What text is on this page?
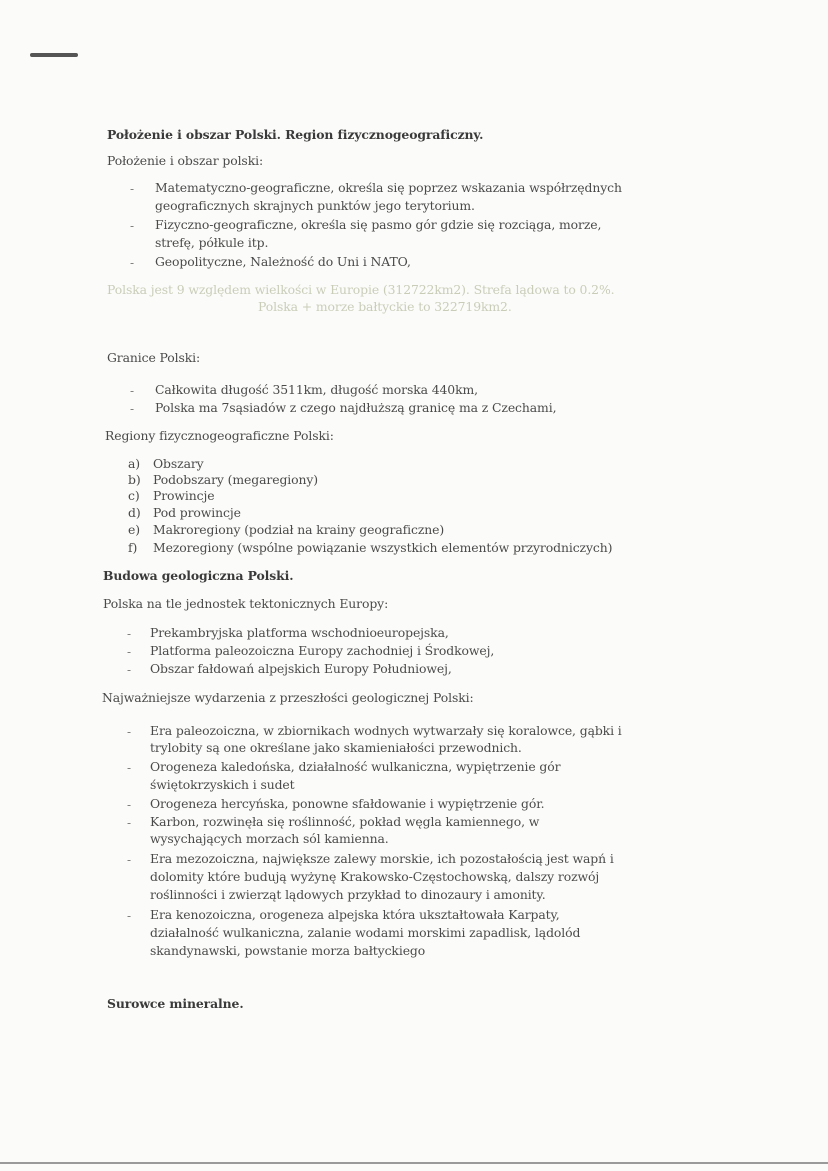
Położenie i obszar Polski. Region fizycznogeograficzny.
Położenie i obszar polski:
- Matematyczno-geograficzne, określa się poprzez wskazania współrzędnych
geograficznych skrajnych punktów jego terytorium.
- Fizyczno-geograficzne, określa się pasmo gór gdzie się rozciąga, morze,
strefę, półkule itp.
- Geopolityczne, Należność do Uni i NATO,
Polska jest 9 względem wielkości w Europie (312722km2). Strefa lądowa to 0.2%.
Polska + morze bałtyckie to 322719km2.
Granice Polski:
- Całkowita długość 3511km, długość morska 440km,
- Polska ma 7sąsiadów z czego najdłuższą granicę ma z Czechami,
Regiony fizycznogeograficzne Polski:
a) Obszary
b) Podobszary (megaregiony)
c) Prowincje
d) Pod prowincje
e) Makroregiony (podział na krainy geograficzne)
f) Mezoregiony (wspólne powiązanie wszystkich elementów przyrodniczych)
Budowa geologiczna Polski.
Polska na tle jednostek tektonicznych Europy:
- Prekambryjska platforma wschodnioeuropejska,
- Platforma paleozoiczna Europy zachodniej i Środkowej,
- Obszar fałdowań alpejskich Europy Południowej,
Najważniejsze wydarzenia z przeszłości geologicznej Polski:
- Era paleozoiczna, w zbiornikach wodnych wytwarzały się koralowce, gąbki i
trylobity są one określane jako skamieniałości przewodnich.
- Orogeneza kaledońska, działalność wulkaniczna, wypiętrzenie gór
świętokrzyskich i sudet
- Orogeneza hercyńska, ponowne sfałdowanie i wypiętrzenie gór.
- Karbon, rozwinęła się roślinność, pokład węgla kamiennego, w
wysychających morzach sól kamienna.
- Era mezozoiczna, największe zalewy morskie, ich pozostałością jest wapń i
dolomity które budują wyżynę Krakowsko-Częstochowską, dalszy rozwój
roślinności i zwierząt lądowych przykład to dinozaury i amonity.
- Era kenozoiczna, orogeneza alpejska która ukształtowała Karpaty,
działalność wulkaniczna, zalanie wodami morskimi zapadlisk, lądolód
skandynawski, powstanie morza bałtyckiego
Surowce mineralne.
